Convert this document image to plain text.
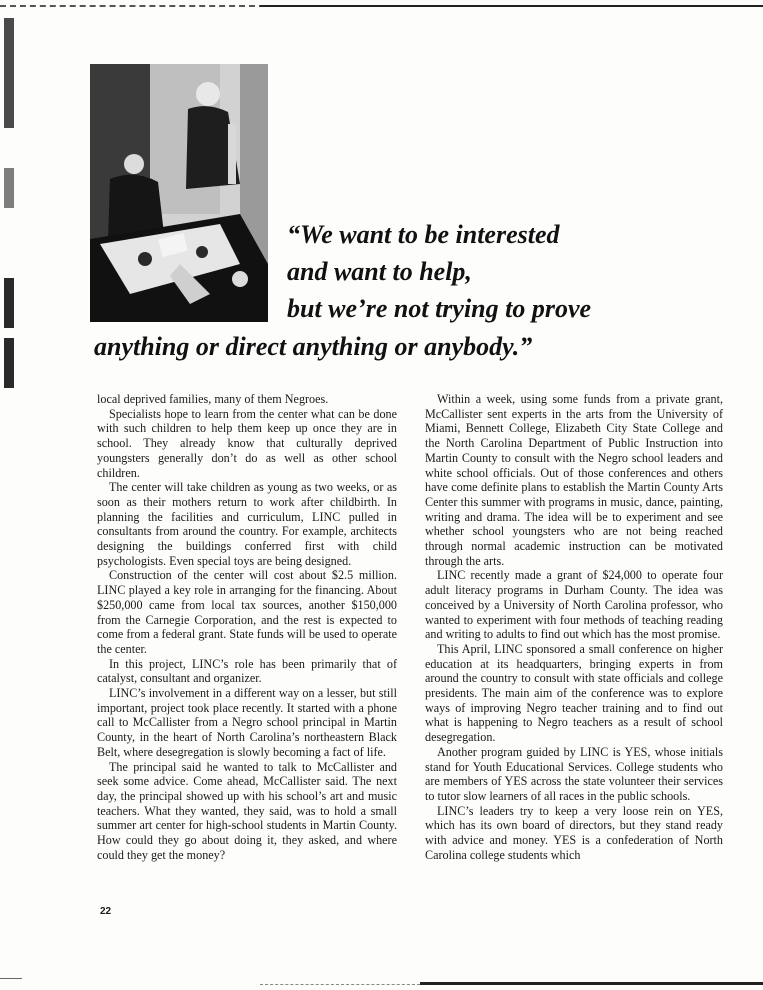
“We want to be interested
and want to help,
but we’re not trying to prove
anything or direct anything or anybody.”

local deprived families, many of them Negroes.

Specialists hope to learn from the center what can be done with such children to help them keep up once they are in school. They already know that culturally deprived youngsters generally don’t do as well as other school children.

The center will take children as young as two weeks, or as soon as their mothers return to work after childbirth. In planning the facilities and curriculum, LINC pulled in consultants from around the country. For example, architects designing the buildings conferred first with child psychologists. Even special toys are being designed.

Construction of the center will cost about $2.5 million. LINC played a key role in arranging for the financing. About $250,000 came from local tax sources, another $150,000 from the Carnegie Corporation, and the rest is expected to come from a federal grant. State funds will be used to operate the center.

In this project, LINC’s role has been primarily that of catalyst, consultant and organizer.

LINC’s involvement in a different way on a lesser, but still important, project took place recently. It started with a phone call to McCallister from a Negro school principal in Martin County, in the heart of North Carolina’s northeastern Black Belt, where desegregation is slowly becoming a fact of life.

The principal said he wanted to talk to McCallister and seek some advice. Come ahead, McCallister said. The next day, the principal showed up with his school’s art and music teachers. What they wanted, they said, was to hold a small summer art center for high-school students in Martin County. How could they go about doing it, they asked, and where could they get the money?

Within a week, using some funds from a private grant, McCallister sent experts in the arts from the University of Miami, Bennett College, Elizabeth City State College and the North Carolina Department of Public Instruction into Martin County to consult with the Negro school leaders and white school officials. Out of those conferences and others have come definite plans to establish the Martin County Arts Center this summer with programs in music, dance, painting, writing and drama. The idea will be to experiment and see whether school youngsters who are not being reached through normal academic instruction can be motivated through the arts.

LINC recently made a grant of $24,000 to operate four adult literacy programs in Durham County. The idea was conceived by a University of North Carolina professor, who wanted to experiment with four methods of teaching reading and writing to adults to find out which has the most promise.

This April, LINC sponsored a small conference on higher education at its headquarters, bringing experts in from around the country to consult with state officials and college presidents. The main aim of the conference was to explore ways of improving Negro teacher training and to find out what is happening to Negro teachers as a result of school desegregation.

Another program guided by LINC is YES, whose initials stand for Youth Educational Services. College students who are members of YES across the state volunteer their services to tutor slow learners of all races in the public schools.

LINC’s leaders try to keep a very loose rein on YES, which has its own board of directors, but they stand ready with advice and money. YES is a confederation of North Carolina college students which

22
